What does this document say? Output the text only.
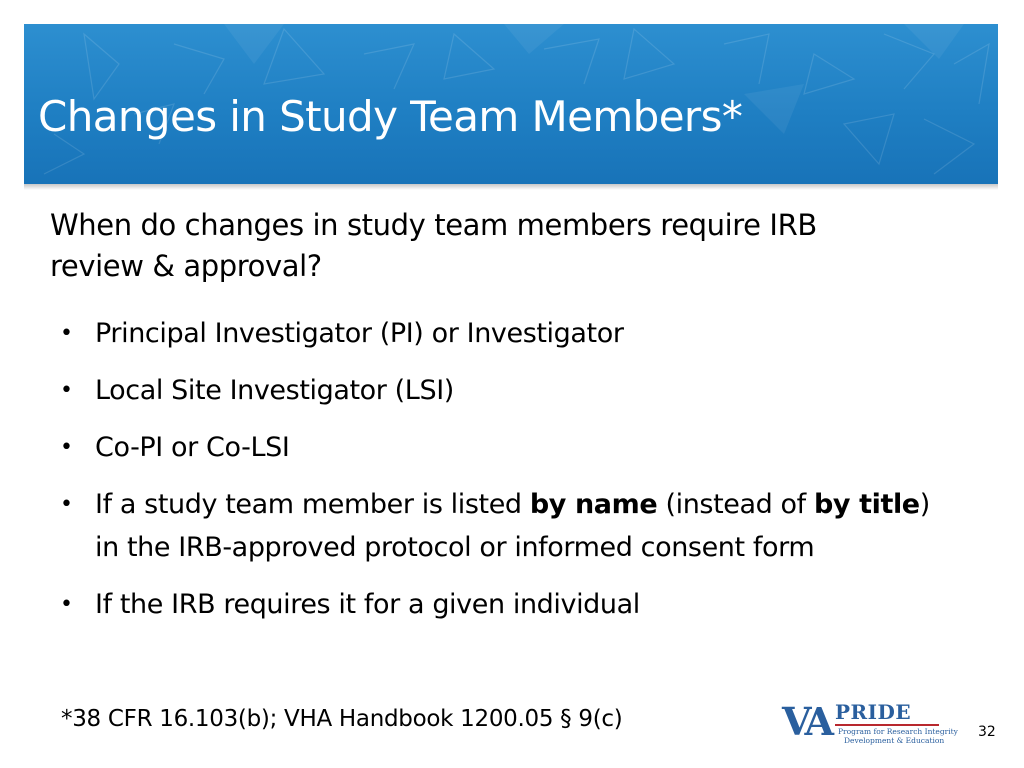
Changes in Study Team Members*

When do changes in study team members require IRB review & approval?

• Principal Investigator (PI) or Investigator
• Local Site Investigator (LSI)
• Co-PI or Co-LSI
• If a study team member is listed by name (instead of by title) in the IRB-approved protocol or informed consent form
• If the IRB requires it for a given individual

*38 CFR 16.103(b); VHA Handbook 1200.05 § 9(c)	VA PRIDE
Program for Research Integrity
Development & Education

32
